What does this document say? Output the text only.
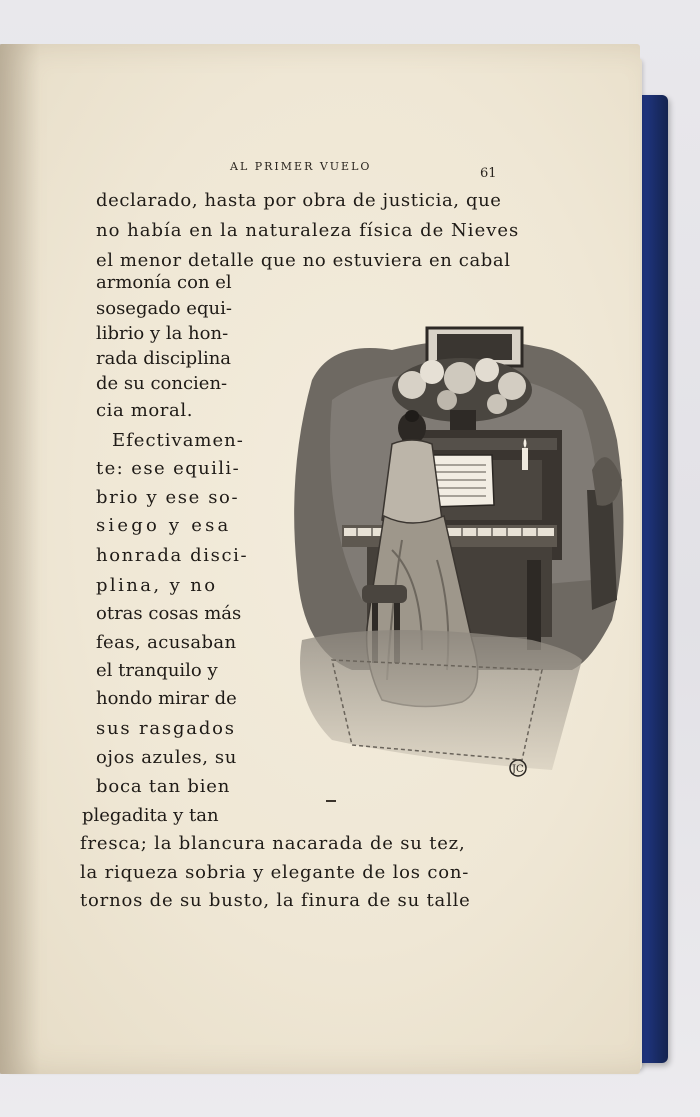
AL PRIMER VUELO	61
declarado, hasta por obra de justicia, que
no había en la naturaleza física de Nieves
el menor detalle que no estuviera en cabal
armonía con el
sosegado equi-
librio y la hon-
rada disciplina
de su concien-
cia moral.
Efectivamen-
te: ese equili-
brio y ese so-
siego y esa
honrada disci-
plina, y no
otras cosas más
feas, acusaban
el tranquilo y
hondo mirar de
sus rasgados
ojos azules, su
boca tan bien
plegadita y tan
fresca; la blancura nacarada de su tez,
la riqueza sobria y elegante de los con-
tornos de su busto, la finura de su talle
JC
